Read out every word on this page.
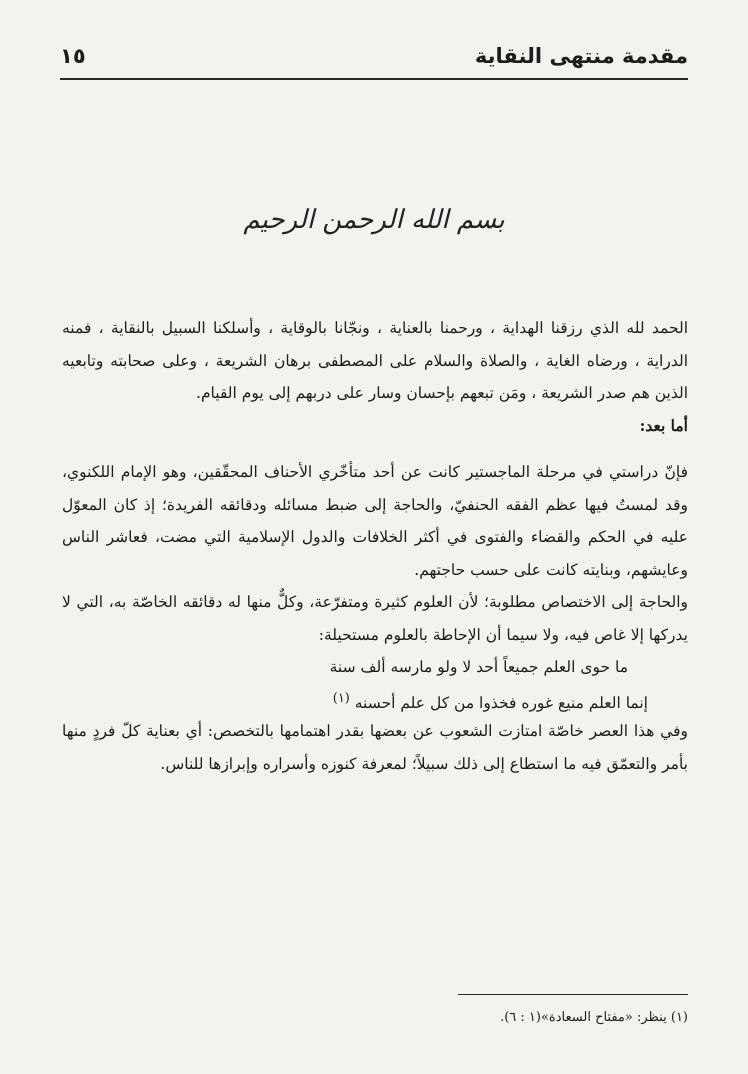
مقدمة منتهى النقاية
١٥
بسم الله الرحمن الرحيم

الحمد لله الذي رزقنا الهداية ، ورحمنا بالعناية ، ونجّانا بالوقاية ، وأسلكنا السبيل بالنقاية ، فمنه الدراية ، ورضاه الغاية ، والصلاة والسلام على المصطفى برهان الشريعة ، وعلى صحابته وتابعيه الذين هم صدر الشريعة ، ومَن تبعهم بإحسان وسار على دربهم إلى يوم القيام.

أما بعد:

فإنّ دراستي في مرحلة الماجستير كانت عن أحد متأخّري الأحناف المحقّقين، وهو الإمام اللكنوي، وقد لمستُ فيها عظم الفقه الحنفيّ، والحاجة إلى ضبط مسائله ودقائقه الفريدة؛ إذ كان المعوّل عليه في الحكم والقضاء والفتوى في أكثر الخلافات والدول الإسلامية التي مضت، فعاشر الناس وعايشهم، وبنايته كانت على حسب حاجتهم.

والحاجة إلى الاختصاص مطلوبة؛ لأن العلوم كثيرة ومتفرّعة، وكلٌّ منها له دقائقه الخاصّة به، التي لا يدركها إلا غاص فيه، ولا سيما أن الإحاطة بالعلوم مستحيلة:

ما حوى العلم جميعاً أحد لا ولو مارسه ألف سنة
إنما العلم منيع غوره فخذوا من كل علم أحسنه $^{(١)}$

وفي هذا العصر خاصّة امتازت الشعوب عن بعضها بقدر اهتمامها بالتخصص: أي بعناية كلّ فردٍ منها بأمر والتعمّق فيه ما استطاع إلى ذلك سبيلاً؛ لمعرفة كنوزه وأسراره وإبرازها للناس.

(١) ينظر: «مفتاح السعادة»(١ : ٦).
